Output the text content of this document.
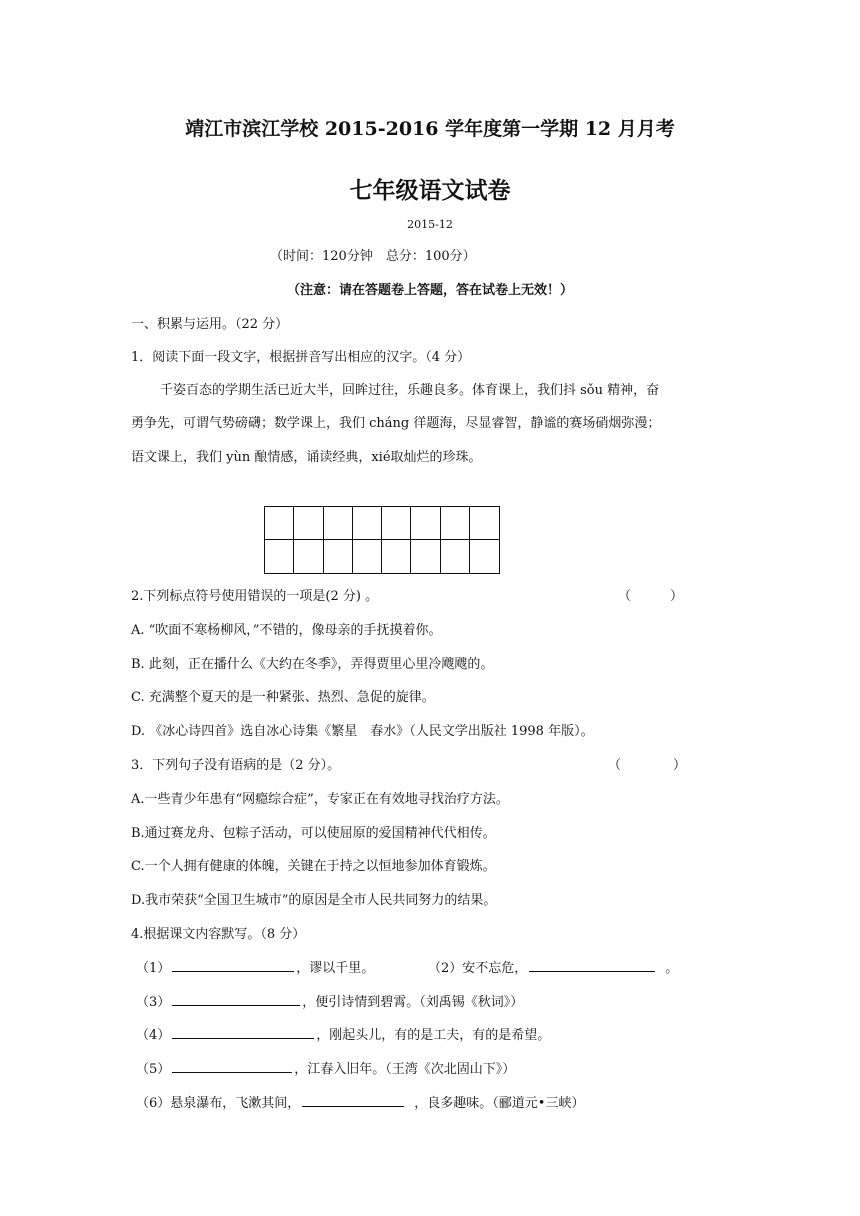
靖江市滨江学校 2015-2016 学年度第一学期 12 月月考
七年级语文试卷
2015-12
（时间：120分钟　总分：100分）
（注意：请在答题卷上答题，答在试卷上无效！）
一、积累与运用。（22 分）
1．阅读下面一段文字，根据拼音写出相应的汉字。（4 分）
千姿百态的学期生活已近大半，回眸过往，乐趣良多。体育课上，我们抖 sǒu 精神，奋
勇争先，可谓气势磅礴；数学课上，我们 cháng 徉题海，尽显睿智，静谧的赛场硝烟弥漫；
语文课上，我们 yùn 酿情感，诵读经典，xié取灿烂的珍珠。
2.下列标点符号使用错误的一项是(2 分) 。	（　　　）
A. “吹面不寒杨柳风，”不错的，像母亲的手抚摸着你。
B. 此刻，正在播什么《大约在冬季》，弄得贾里心里冷飕飕的。
C. 充满整个夏天的是一种紧张、热烈、急促的旋律。
D. 《冰心诗四首》选自冰心诗集《繁星　春水》（人民文学出版社 1998 年版）。
3．下列句子没有语病的是（2 分）。	（　　　　）
A.一些青少年患有“网瘾综合症”，专家正在有效地寻找治疗方法。
B.通过赛龙舟、包粽子活动，可以使屈原的爱国精神代代相传。
C.一个人拥有健康的体魄，关键在于持之以恒地参加体育锻炼。
D.我市荣获“全国卫生城市”的原因是全市人民共同努力的结果。
4.根据课文内容默写。（8 分）
（1）	，谬以千里。	（2）安不忘危，	。
（3）	，便引诗情到碧霄。（刘禹锡《秋词》）
（4）	，刚起头儿，有的是工夫，有的是希望。
（5）	，江春入旧年。（王湾《次北固山下》）
（6）悬泉瀑布，飞漱其间，	，良多趣味。（郦道元•三峡）
